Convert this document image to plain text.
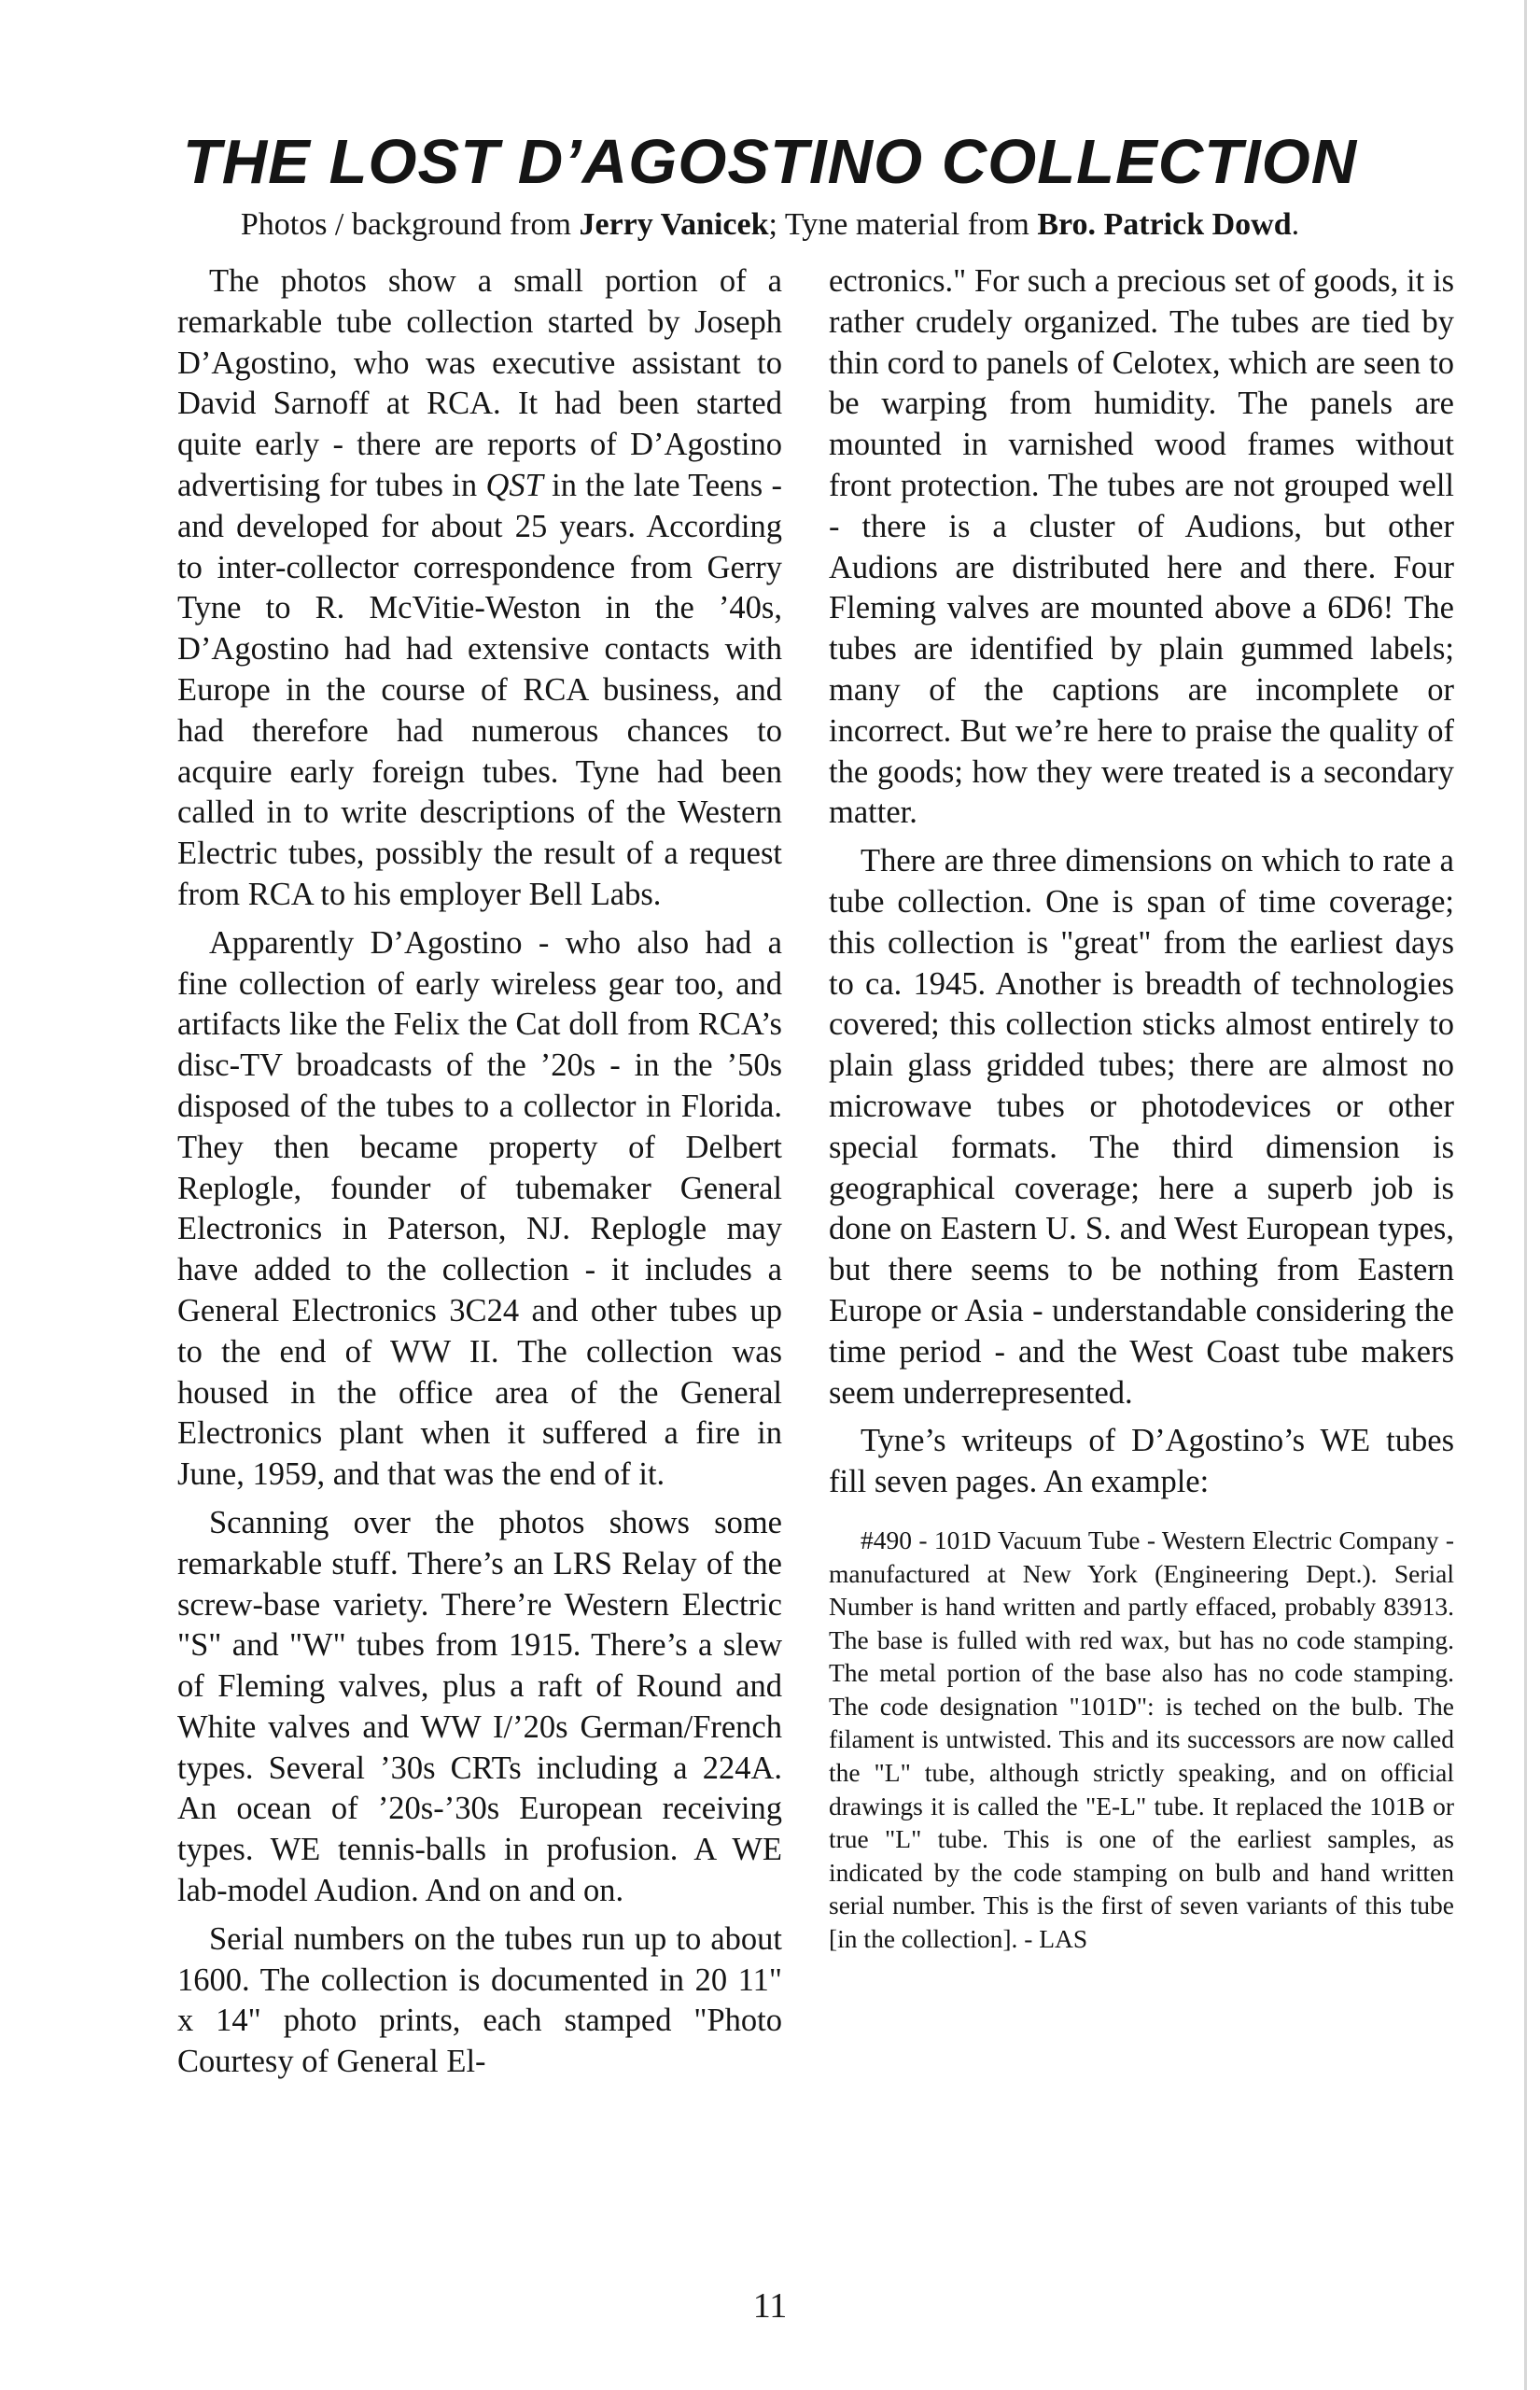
THE LOST D’AGOSTINO COLLECTION
Photos / background from Jerry Vanicek; Tyne material from Bro. Patrick Dowd.

The photos show a small portion of a remarkable tube collection started by Joseph D’Agostino, who was executive assistant to David Sarnoff at RCA. It had been started quite early - there are reports of D’Agostino advertising for tubes in QST in the late Teens - and developed for about 25 years. According to inter-collector correspondence from Gerry Tyne to R. McVitie-Weston in the ’40s, D’Agostino had had extensive contacts with Europe in the course of RCA business, and had therefore had numerous chances to acquire early foreign tubes. Tyne had been called in to write descriptions of the Western Electric tubes, possibly the result of a request from RCA to his employer Bell Labs.

Apparently D’Agostino - who also had a fine collection of early wireless gear too, and artifacts like the Felix the Cat doll from RCA’s disc-TV broadcasts of the ’20s - in the ’50s disposed of the tubes to a collector in Florida. They then became property of Delbert Replogle, founder of tubemaker General Electronics in Paterson, NJ. Replogle may have added to the collection - it includes a General Electronics 3C24 and other tubes up to the end of WW II. The collection was housed in the office area of the General Electronics plant when it suffered a fire in June, 1959, and that was the end of it.

Scanning over the photos shows some remarkable stuff. There’s an LRS Relay of the screw-base variety. There’re Western Electric "S" and "W" tubes from 1915. There’s a slew of Fleming valves, plus a raft of Round and White valves and WW I/’20s German/French types. Several ’30s CRTs including a 224A. An ocean of ’20s-’30s European receiving types. WE tennis-balls in profusion. A WE lab-model Audion. And on and on.

Serial numbers on the tubes run up to about 1600. The collection is documented in 20 11" x 14" photo prints, each stamped "Photo Courtesy of General El-

ectronics." For such a precious set of goods, it is rather crudely organized. The tubes are tied by thin cord to panels of Celotex, which are seen to be warping from humidity. The panels are mounted in varnished wood frames without front protection. The tubes are not grouped well - there is a cluster of Audions, but other Audions are distributed here and there. Four Fleming valves are mounted above a 6D6! The tubes are identified by plain gummed labels; many of the captions are incomplete or incorrect. But we’re here to praise the quality of the goods; how they were treated is a secondary matter.

There are three dimensions on which to rate a tube collection. One is span of time coverage; this collection is "great" from the earliest days to ca. 1945. Another is breadth of technologies covered; this collection sticks almost entirely to plain glass gridded tubes; there are almost no microwave tubes or photodevices or other special formats. The third dimension is geographical coverage; here a superb job is done on Eastern U. S. and West European types, but there seems to be nothing from Eastern Europe or Asia - understandable considering the time period - and the West Coast tube makers seem underrepresented.

Tyne’s writeups of D’Agostino’s WE tubes fill seven pages. An example:

#490 - 101D Vacuum Tube - Western Electric Company - manufactured at New York (Engineering Dept.). Serial Number is hand written and partly effaced, probably 83913. The base is fulled with red wax, but has no code stamping. The metal portion of the base also has no code stamping. The code designation "101D": is teched on the bulb. The filament is untwisted. This and its successors are now called the "L" tube, although strictly speaking, and on official drawings it is called the "E-L" tube. It replaced the 101B or true "L" tube. This is one of the earliest samples, as indicated by the code stamping on bulb and hand written serial number. This is the first of seven variants of this tube [in the collection]. - LAS

11
